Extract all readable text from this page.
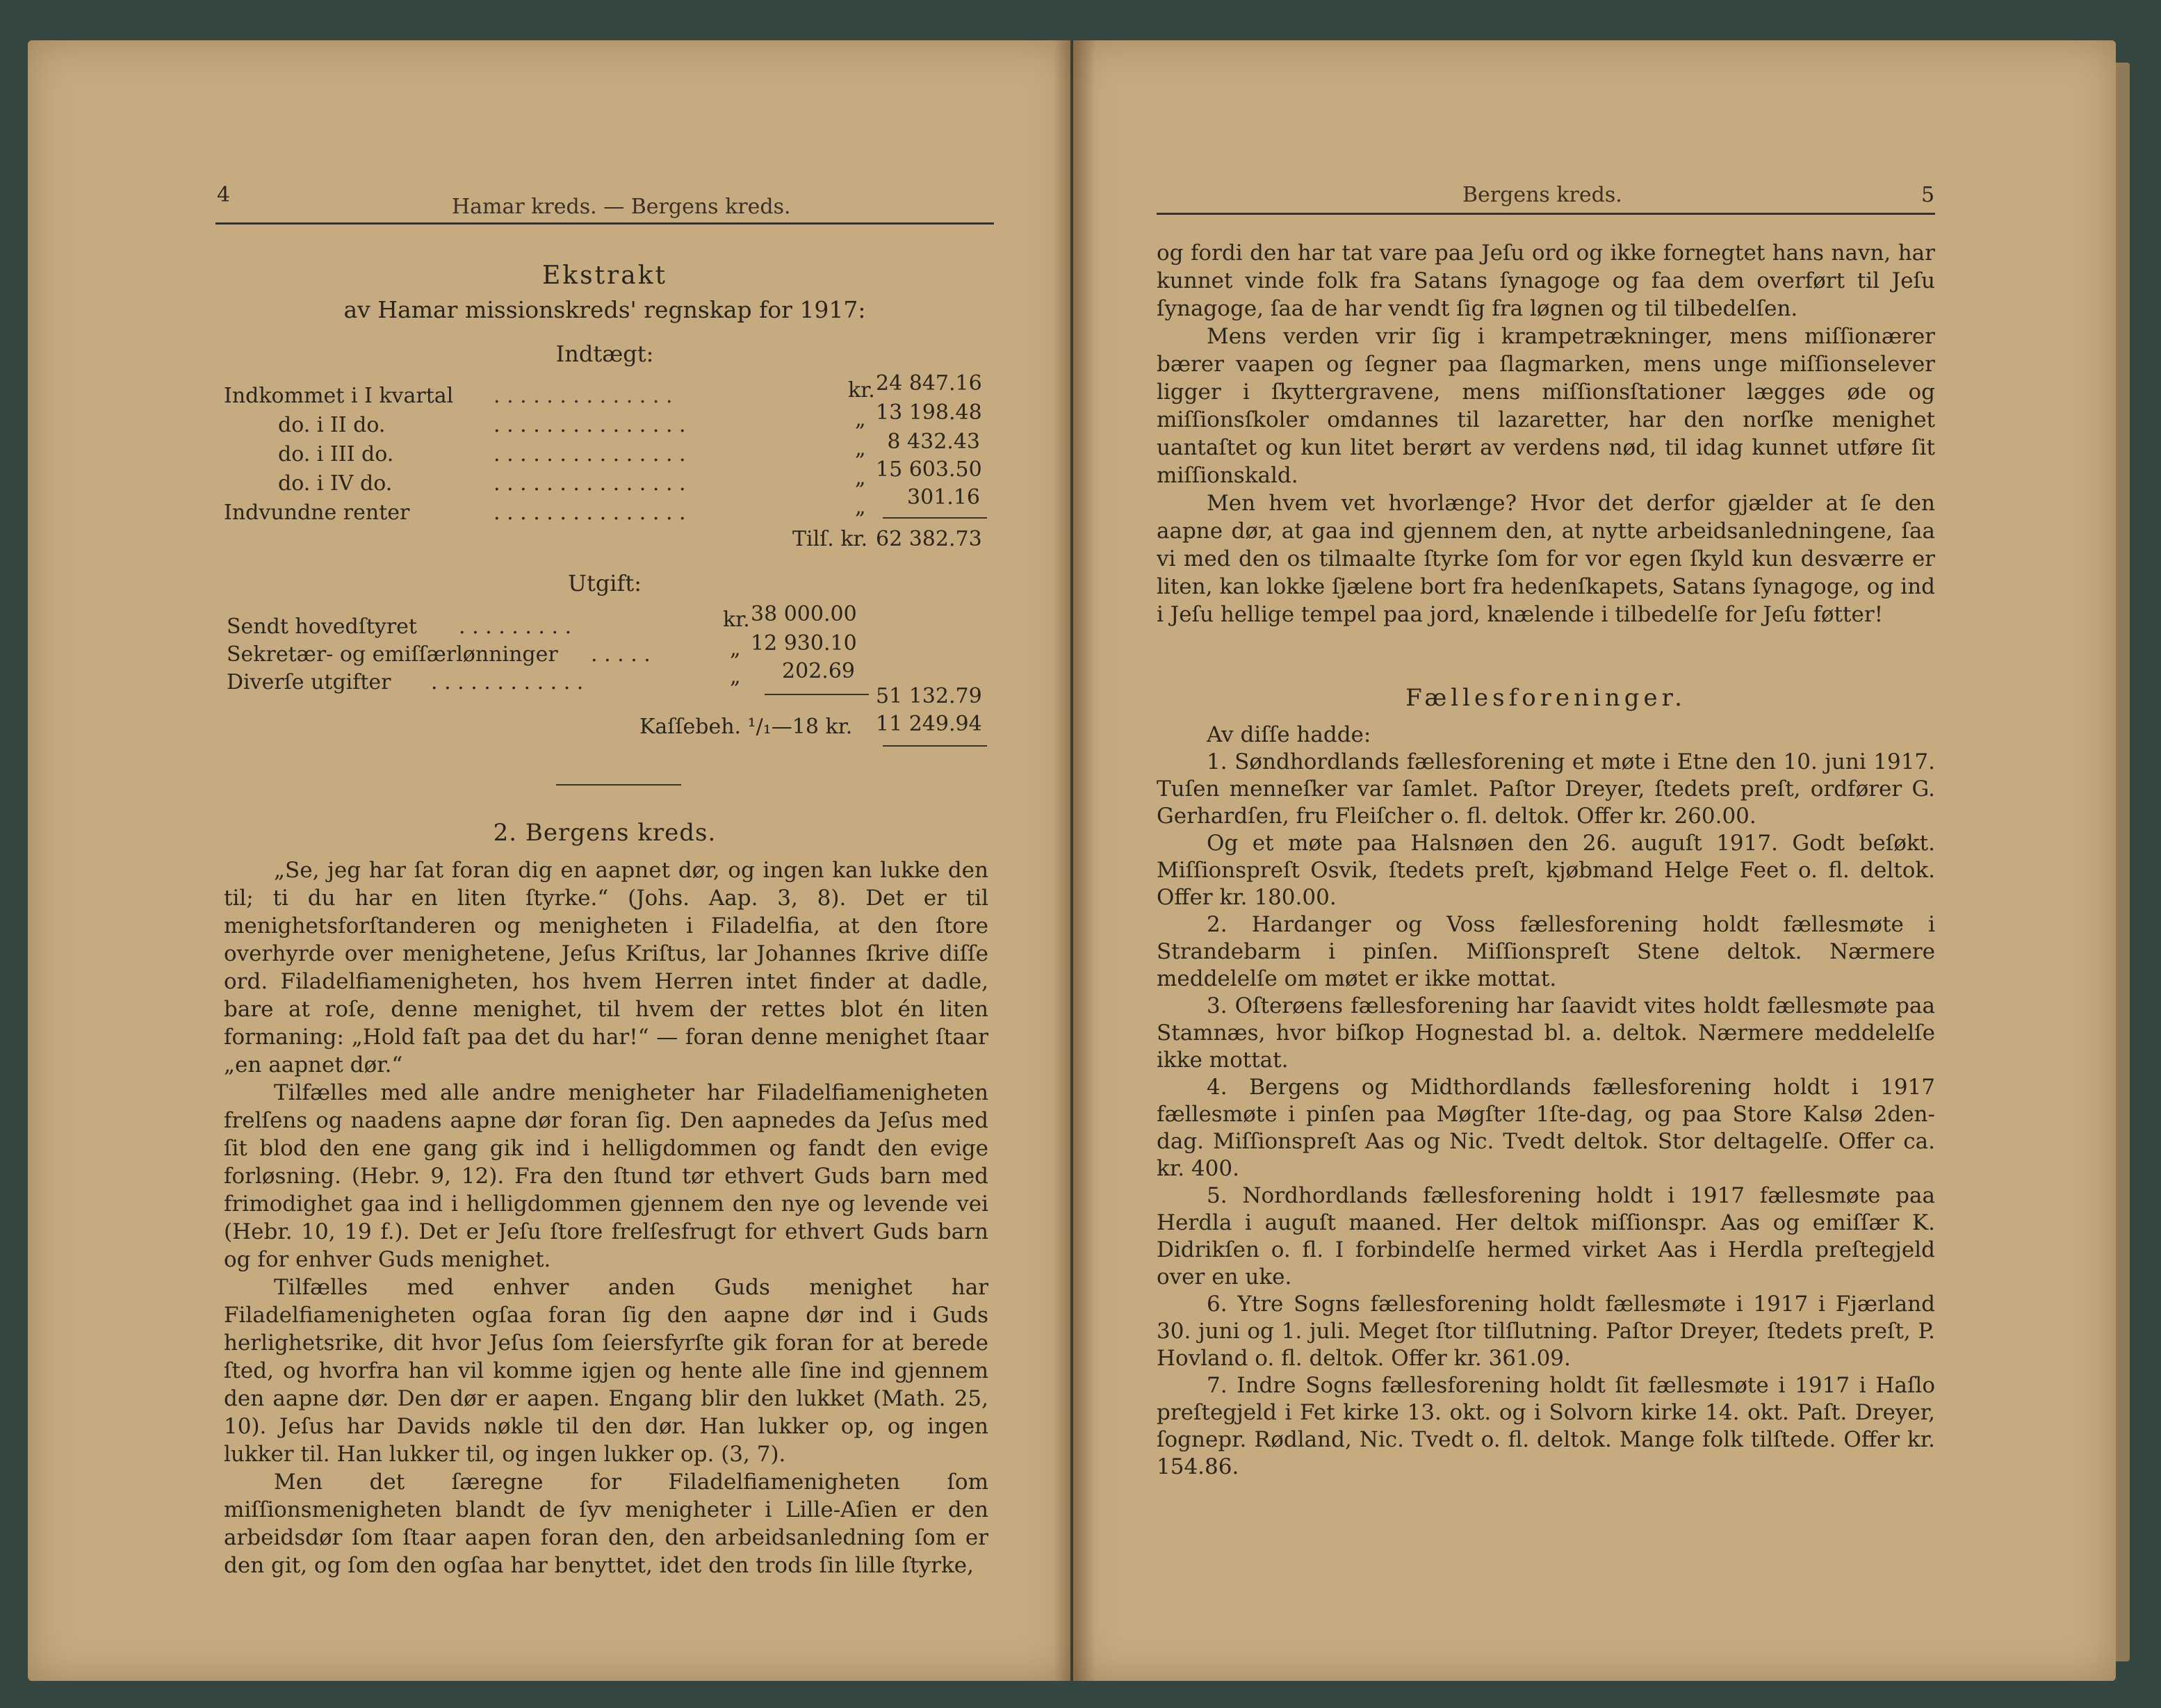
4	Hamar kreds. — Bergens kreds.
Ekstrakt
av Hamar missionskreds' regnskap for 1917:
Indtægt:
Indkommet i I kvartal . . . . . . . . . . . . . .	kr. 24 847.16
do. i II do.	. . . . . . . . . . . . . . .	„ 13 198.48
do. i III do.	. . . . . . . . . . . . . . .	„	8 432.43
do. i IV do.	. . . . . . . . . . . . . . .	„ 15 603.50
Indvundne renter	. . . . . . . . . . . . . . .	„	301.16
Tilſ. kr. 62 382.73
Utgift:
Sendt hovedſtyret . . . . . . . . .	kr. 38 000.00
Sekretær- og emiſſærlønninger . . . . .	„ 12 930.10
Diverſe utgifter . . . . . . . . . . . .	„	202.69
51 132.79
Kaſſebeh. ¹/₁—18 kr. 11 249.94
2. Bergens kreds.

„Se, jeg har ſat foran dig en aapnet dør, og ingen kan lukke den til; ti du har en liten ſtyrke.“ (Johs. Aap. 3, 8). Det er til menighetsforſtanderen og menigheten i Filadelfia, at den ſtore overhyrde over menighetene, Jeſus Kriſtus, lar Johannes ſkrive diſſe ord. Filadelfiamenigheten, hos hvem Herren intet finder at dadle, bare at roſe, denne menighet, til hvem der rettes blot én liten formaning: „Hold faſt paa det du har!“ — foran denne menighet ſtaar „en aapnet dør.“

Tilfælles med alle andre menigheter har Filadelfiamenigheten frelſens og naadens aapne dør foran ſig. Den aapnedes da Jeſus med ſit blod den ene gang gik ind i helligdommen og fandt den evige forløsning. (Hebr. 9, 12). Fra den ſtund tør ethvert Guds barn med frimodighet gaa ind i helligdommen gjennem den nye og levende vei (Hebr. 10, 19 f.). Det er Jeſu ſtore frelſesfrugt for ethvert Guds barn og for enhver Guds menighet.

Tilfælles med enhver anden Guds menighet har Filadelfiamenigheten ogſaa foran ſig den aapne dør ind i Guds herlighetsrike, dit hvor Jeſus ſom ſeiersfyrſte gik foran for at berede ſted, og hvorfra han vil komme igjen og hente alle ſine ind gjennem den aapne dør. Den dør er aapen. Engang blir den lukket (Math. 25, 10). Jeſus har Davids nøkle til den dør. Han lukker op, og ingen lukker til. Han lukker til, og ingen lukker op. (3, 7).

Men det ſæregne for Filadelfiamenigheten ſom miſſionsmenigheten blandt de ſyv menigheter i Lille-Aſien er den arbeidsdør ſom ſtaar aapen foran den, den arbeidsanledning ſom er den git, og ſom den ogſaa har benyttet, idet den trods ſin lille ſtyrke,

Bergens kreds.	5

og fordi den har tat vare paa Jeſu ord og ikke fornegtet hans navn, har kunnet vinde folk fra Satans ſynagoge og faa dem overført til Jeſu ſynagoge, ſaa de har vendt ſig fra løgnen og til tilbedelſen.

Mens verden vrir ſig i krampetrækninger, mens miſſionærer bærer vaapen og ſegner paa ſlagmarken, mens unge miſſionselever ligger i ſkyttergravene, mens miſſionsſtationer lægges øde og miſſionsſkoler omdannes til lazaretter, har den norſke menighet uantaſtet og kun litet berørt av verdens nød, til idag kunnet utføre ſit miſſionskald.

Men hvem vet hvorlænge? Hvor det derfor gjælder at ſe den aapne dør, at gaa ind gjennem den, at nytte arbeidsanledningene, ſaa vi med den os tilmaalte ſtyrke ſom for vor egen ſkyld kun desværre er liten, kan lokke ſjælene bort fra hedenſkapets, Satans ſynagoge, og ind i Jeſu hellige tempel paa jord, knælende i tilbedelſe for Jeſu føtter!

Fællesforeninger.

Av diſſe hadde:

1. Søndhordlands fællesforening et møte i Etne den 10. juni 1917. Tuſen menneſker var ſamlet. Paſtor Dreyer, ſtedets preſt, ordfører G. Gerhardſen, fru Fleiſcher o. fl. deltok. Offer kr. 260.00.

Og et møte paa Halsnøen den 26. auguſt 1917. Godt beſøkt. Miſſionspreſt Osvik, ſtedets preſt, kjøbmand Helge Feet o. fl. deltok. Offer kr. 180.00.

2. Hardanger og Voss fællesforening holdt fællesmøte i Strandebarm i pinſen. Miſſionspreſt Stene deltok. Nærmere meddelelſe om møtet er ikke mottat.

3. Oſterøens fællesforening har ſaavidt vites holdt fællesmøte paa Stamnæs, hvor biſkop Hognestad bl. a. deltok. Nærmere meddelelſe ikke mottat.

4. Bergens og Midthordlands fællesforening holdt i 1917 fællesmøte i pinſen paa Møgſter 1ſte-dag, og paa Store Kalsø 2den-dag. Miſſionspreſt Aas og Nic. Tvedt deltok. Stor deltagelſe. Offer ca. kr. 400.

5. Nordhordlands fællesforening holdt i 1917 fællesmøte paa Herdla i auguſt maaned. Her deltok miſſionspr. Aas og emiſſær K. Didrikſen o. fl. I forbindelſe hermed virket Aas i Herdla preſtegjeld over en uke.

6. Ytre Sogns fællesforening holdt fællesmøte i 1917 i Fjærland 30. juni og 1. juli. Meget ſtor tilſlutning. Paſtor Dreyer, ſtedets preſt, P. Hovland o. fl. deltok. Offer kr. 361.09.

7. Indre Sogns fællesforening holdt ſit fællesmøte i 1917 i Haſlo preſtegjeld i Fet kirke 13. okt. og i Solvorn kirke 14. okt. Paſt. Dreyer, ſognepr. Rødland, Nic. Tvedt o. fl. deltok. Mange folk tilſtede. Offer kr. 154.86.
